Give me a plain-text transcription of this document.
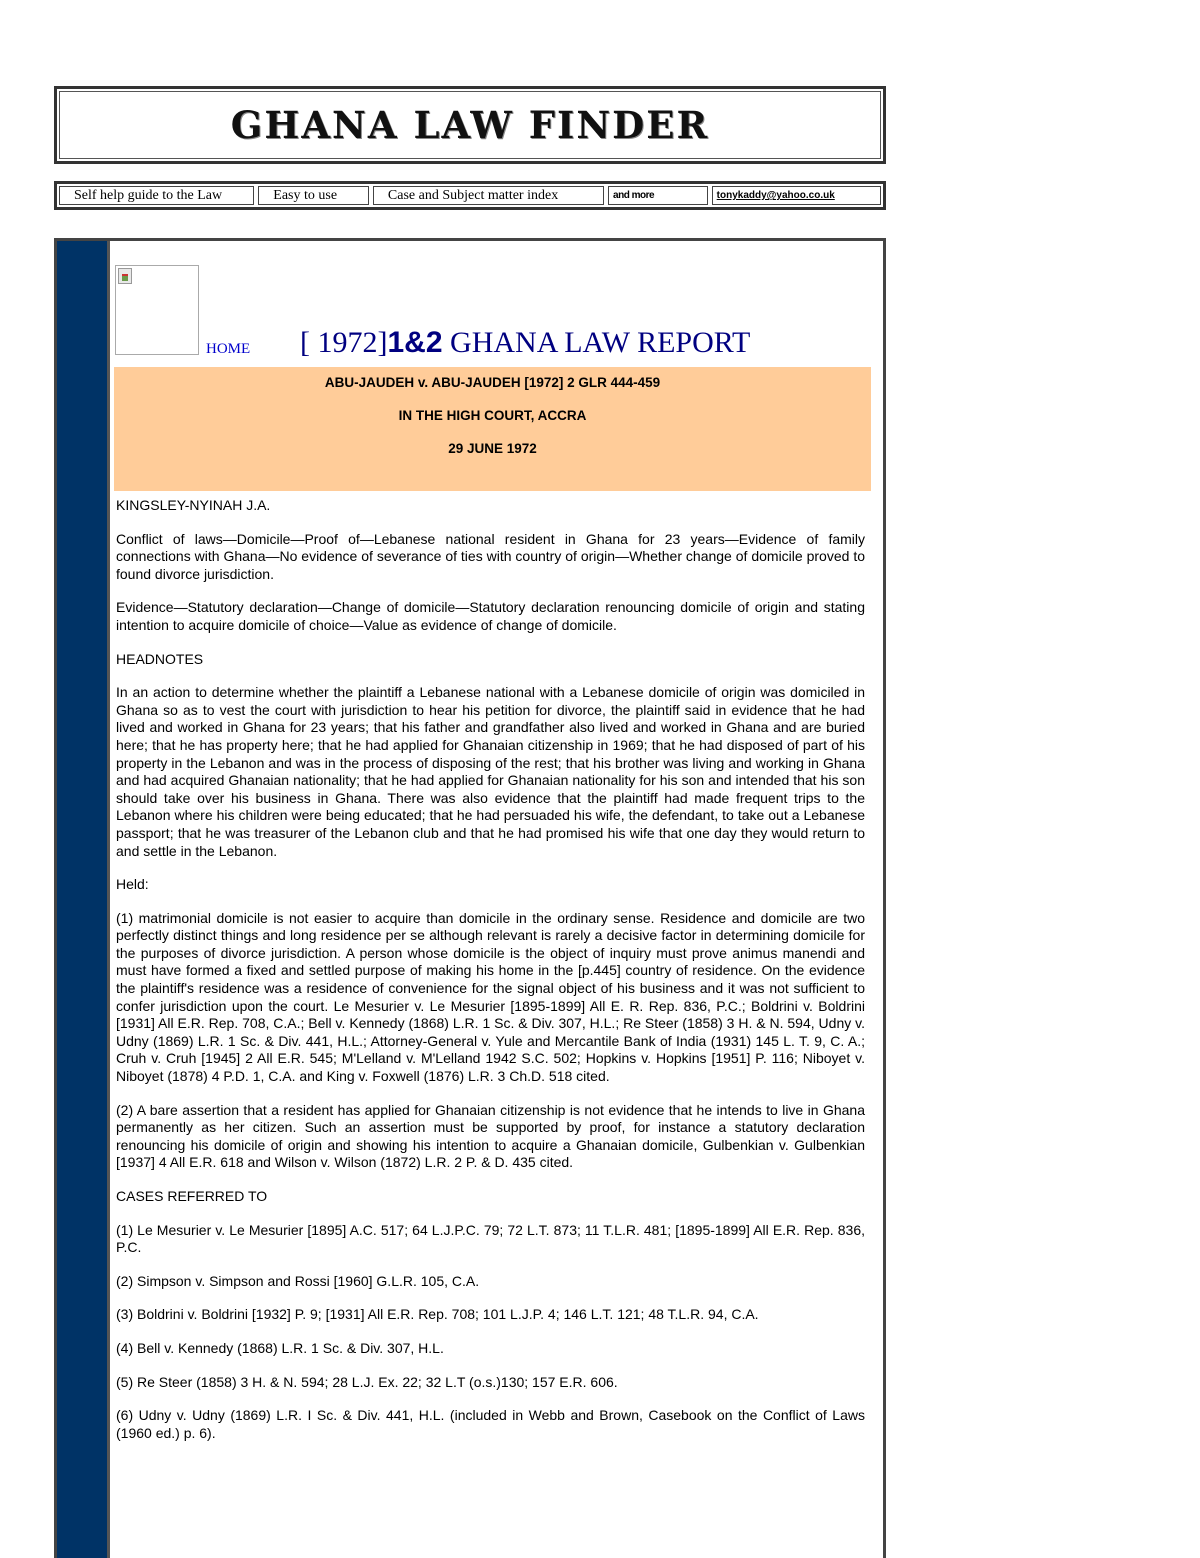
GHANA LAW FINDER
Self help guide to the Law	Easy to use	Case and Subject matter index	and more	tonykaddy@yahoo.co.uk
HOME [ 1972]1&2 GHANA LAW REPORT
ABU-JAUDEH v. ABU-JAUDEH [1972] 2 GLR 444-459
IN THE HIGH COURT, ACCRA
29 JUNE 1972

KINGSLEY-NYINAH J.A.

Conflict of laws—Domicile—Proof of—Lebanese national resident in Ghana for 23 years—Evidence of family connections with Ghana—No evidence of severance of ties with country of origin—Whether change of domicile proved to found divorce jurisdiction.

Evidence—Statutory declaration—Change of domicile—Statutory declaration renouncing domicile of origin and stating intention to acquire domicile of choice—Value as evidence of change of domicile.

HEADNOTES

In an action to determine whether the plaintiff a Lebanese national with a Lebanese domicile of origin was domiciled in Ghana so as to vest the court with jurisdiction to hear his petition for divorce, the plaintiff said in evidence that he had lived and worked in Ghana for 23 years; that his father and grandfather also lived and worked in Ghana and are buried here; that he has property here; that he had applied for Ghanaian citizenship in 1969; that he had disposed of part of his property in the Lebanon and was in the process of disposing of the rest; that his brother was living and working in Ghana and had acquired Ghanaian nationality; that he had applied for Ghanaian nationality for his son and intended that his son should take over his business in Ghana. There was also evidence that the plaintiff had made frequent trips to the Lebanon where his children were being educated; that he had persuaded his wife, the defendant, to take out a Lebanese passport; that he was treasurer of the Lebanon club and that he had promised his wife that one day they would return to and settle in the Lebanon.

Held:

(1) matrimonial domicile is not easier to acquire than domicile in the ordinary sense. Residence and domicile are two perfectly distinct things and long residence per se although relevant is rarely a decisive factor in determining domicile for the purposes of divorce jurisdiction. A person whose domicile is the object of inquiry must prove animus manendi and must have formed a fixed and settled purpose of making his home in the [p.445] country of residence. On the evidence the plaintiff's residence was a residence of convenience for the signal object of his business and it was not sufficient to confer jurisdiction upon the court. Le Mesurier v. Le Mesurier [1895-1899] All E. R. Rep. 836, P.C.; Boldrini v. Boldrini [1931] All E.R. Rep. 708, C.A.; Bell v. Kennedy (1868) L.R. 1 Sc. & Div. 307, H.L.; Re Steer (1858) 3 H. & N. 594, Udny v. Udny (1869) L.R. 1 Sc. & Div. 441, H.L.; Attorney-General v. Yule and Mercantile Bank of India (1931) 145 L. T. 9, C. A.; Cruh v. Cruh [1945] 2 All E.R. 545; M'Lelland v. M'Lelland 1942 S.C. 502; Hopkins v. Hopkins [1951] P. 116; Niboyet v. Niboyet (1878) 4 P.D. 1, C.A. and King v. Foxwell (1876) L.R. 3 Ch.D. 518 cited.

(2) A bare assertion that a resident has applied for Ghanaian citizenship is not evidence that he intends to live in Ghana permanently as her citizen. Such an assertion must be supported by proof, for instance a statutory declaration renouncing his domicile of origin and showing his intention to acquire a Ghanaian domicile, Gulbenkian v. Gulbenkian [1937] 4 All E.R. 618 and Wilson v. Wilson (1872) L.R. 2 P. & D. 435 cited.

CASES REFERRED TO

(1) Le Mesurier v. Le Mesurier [1895] A.C. 517; 64 L.J.P.C. 79; 72 L.T. 873; 11 T.L.R. 481; [1895-1899] All E.R. Rep. 836, P.C.

(2) Simpson v. Simpson and Rossi [1960] G.L.R. 105, C.A.

(3) Boldrini v. Boldrini [1932] P. 9; [1931] All E.R. Rep. 708; 101 L.J.P. 4; 146 L.T. 121; 48 T.L.R. 94, C.A.

(4) Bell v. Kennedy (1868) L.R. 1 Sc. & Div. 307, H.L.

(5) Re Steer (1858) 3 H. & N. 594; 28 L.J. Ex. 22; 32 L.T (o.s.)130; 157 E.R. 606.

(6) Udny v. Udny (1869) L.R. I Sc. & Div. 441, H.L. (included in Webb and Brown, Casebook on the Conflict of Laws (1960 ed.) p. 6).
